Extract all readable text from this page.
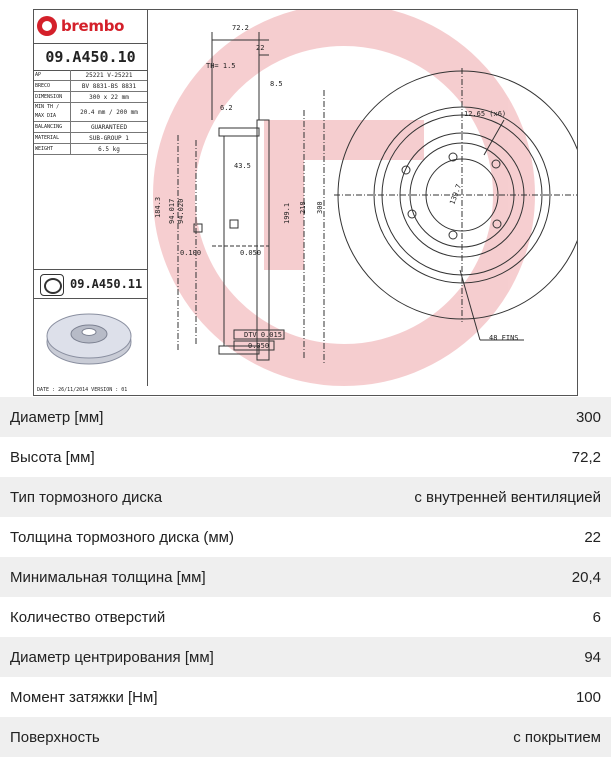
72.2
22
TH= 1.5
8.5
6.2
43.5
184.3 94.017 94.020	199.1 218 300
12.65 (x6)
139.7
48 FINS
0.100	0.050
DTV 0.015
0.050
brembo
09.A450.10
AP	25221 V-25221
BRECO	BV 8831-BS 8831
DIMENSION	300 x 22 mm
MIN TH / MAX DIA	20.4 mm / 200 mm
BALANCING	GUARANTEED
MATERIAL	SUB-GROUP 1
WEIGHT	6.5 kg
09.A450.11
DATE : 26/11/2014 VERSION : 01
Диаметр [мм]	300
Высота [мм]	72,2
Тип тормозного диска	с внутренней вентиляцией
Толщина тормозного диска (мм)	22
Минимальная толщина [мм]	20,4
Количество отверстий	6
Диаметр центрирования [мм]	94
Момент затяжки [Нм]	100
Поверхность	с покрытием
